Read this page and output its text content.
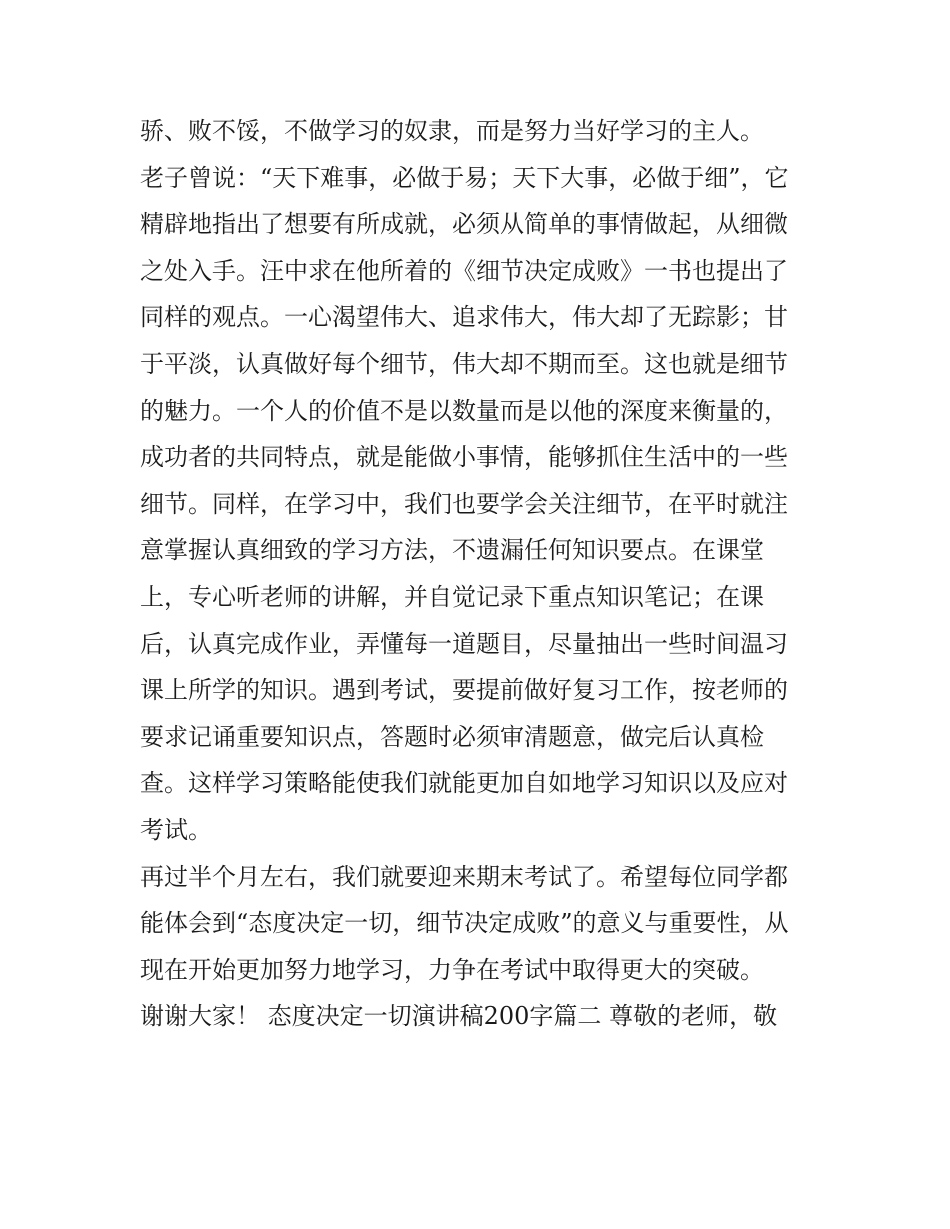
骄、败不馁，不做学习的奴隶，而是努力当好学习的主人。
老子曾说：“天下难事，必做于易；天下大事，必做于细”，它
精辟地指出了想要有所成就，必须从简单的事情做起，从细微
之处入手。汪中求在他所着的《细节决定成败》一书也提出了
同样的观点。一心渴望伟大、追求伟大，伟大却了无踪影；甘
于平淡，认真做好每个细节，伟大却不期而至。这也就是细节
的魅力。一个人的价值不是以数量而是以他的深度来衡量的，
成功者的共同特点，就是能做小事情，能够抓住生活中的一些
细节。同样，在学习中，我们也要学会关注细节，在平时就注
意掌握认真细致的学习方法，不遗漏任何知识要点。在课堂
上，专心听老师的讲解，并自觉记录下重点知识笔记；在课
后，认真完成作业，弄懂每一道题目，尽量抽出一些时间温习
课上所学的知识。遇到考试，要提前做好复习工作，按老师的
要求记诵重要知识点，答题时必须审清题意，做完后认真检
查。这样学习策略能使我们就能更加自如地学习知识以及应对
考试。
再过半个月左右，我们就要迎来期末考试了。希望每位同学都
能体会到“态度决定一切，细节决定成败”的意义与重要性，从
现在开始更加努力地学习，力争在考试中取得更大的突破。
谢谢大家！ 态度决定一切演讲稿200字篇二 尊敬的老师，敬
